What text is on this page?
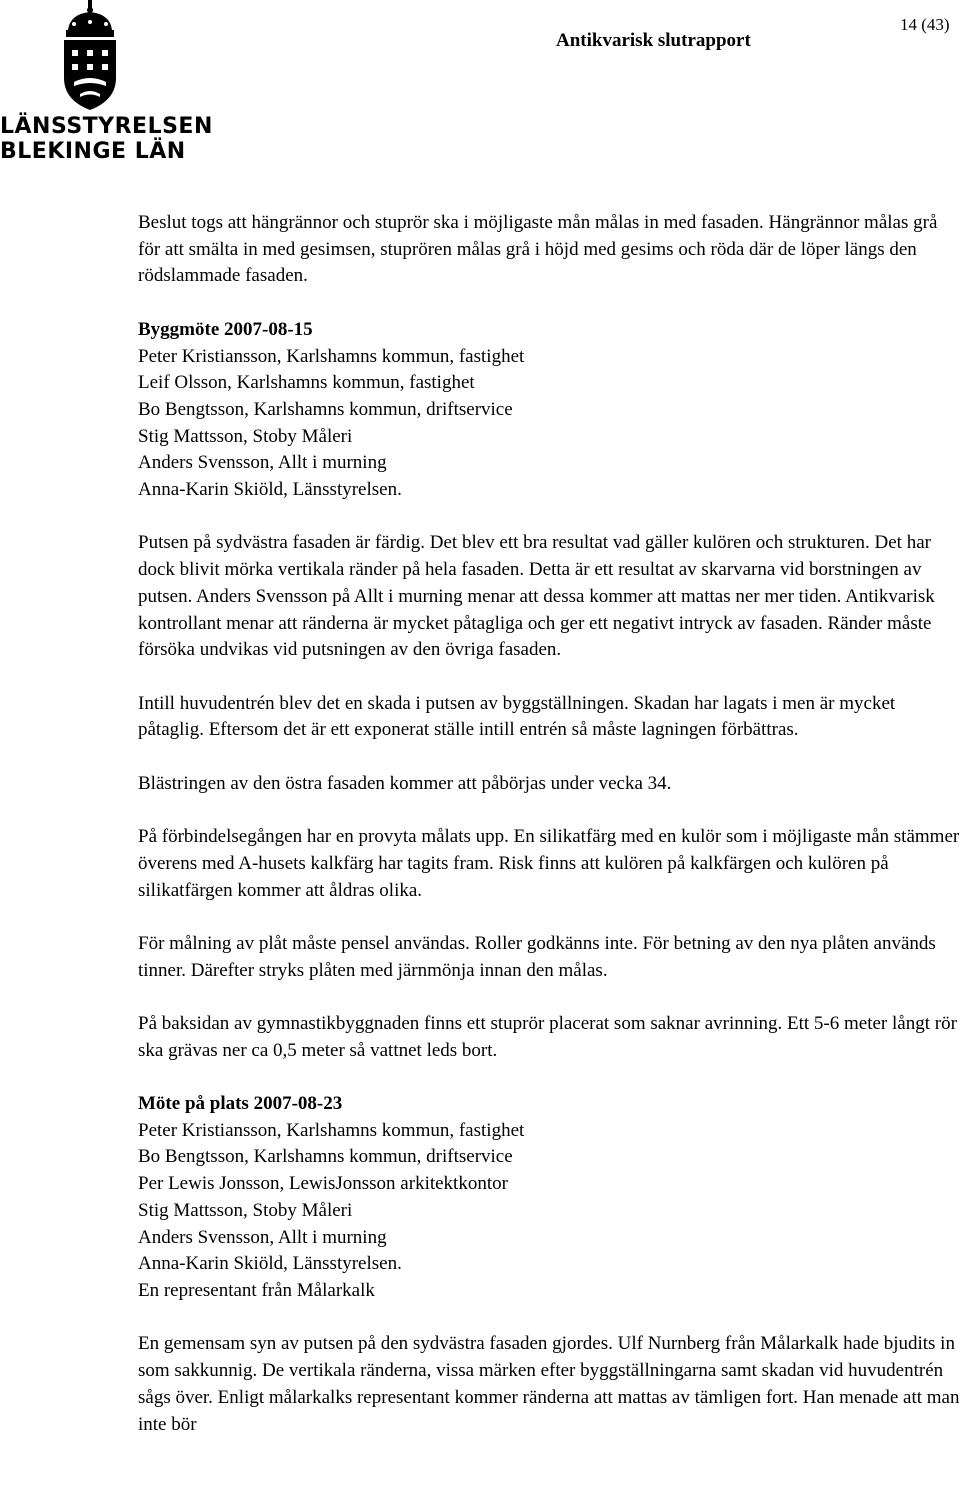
LÄNSSTYRELSEN
BLEKINGE LÄN
Antikvarisk slutrapport
14 (43)

Beslut togs att hängrännor och stuprör ska i möjligaste mån målas in med fasaden. Hängrännor målas grå för att smälta in med gesimsen, stuprören målas grå i höjd med gesims och röda där de löper längs den rödslammade fasaden.

Byggmöte 2007-08-15
Peter Kristiansson, Karlshamns kommun, fastighet
Leif Olsson, Karlshamns kommun, fastighet
Bo Bengtsson, Karlshamns kommun, driftservice
Stig Mattsson, Stoby Måleri
Anders Svensson, Allt i murning
Anna-Karin Skiöld, Länsstyrelsen.

Putsen på sydvästra fasaden är färdig. Det blev ett bra resultat vad gäller kulören och strukturen. Det har dock blivit mörka vertikala ränder på hela fasaden. Detta är ett resultat av skarvarna vid borstningen av putsen. Anders Svensson på Allt i murning menar att dessa kommer att mattas ner mer tiden. Antikvarisk kontrollant menar att ränderna är mycket påtagliga och ger ett negativt intryck av fasaden. Ränder måste försöka undvikas vid putsningen av den övriga fasaden.

Intill huvudentrén blev det en skada i putsen av byggställningen. Skadan har lagats i men är mycket påtaglig. Eftersom det är ett exponerat ställe intill entrén så måste lagningen förbättras.

Blästringen av den östra fasaden kommer att påbörjas under vecka 34.

På förbindelsegången har en provyta målats upp. En silikatfärg med en kulör som i möjligaste mån stämmer överens med A-husets kalkfärg har tagits fram. Risk finns att kulören på kalkfärgen och kulören på silikatfärgen kommer att åldras olika.

För målning av plåt måste pensel användas. Roller godkänns inte. För betning av den nya plåten används tinner. Därefter stryks plåten med järnmönja innan den målas.

På baksidan av gymnastikbyggnaden finns ett stuprör placerat som saknar avrinning. Ett 5-6 meter långt rör ska grävas ner ca 0,5 meter så vattnet leds bort.

Möte på plats 2007-08-23
Peter Kristiansson, Karlshamns kommun, fastighet
Bo Bengtsson, Karlshamns kommun, driftservice
Per Lewis Jonsson, LewisJonsson arkitektkontor
Stig Mattsson, Stoby Måleri
Anders Svensson, Allt i murning
Anna-Karin Skiöld, Länsstyrelsen.
En representant från Målarkalk

En gemensam syn av putsen på den sydvästra fasaden gjordes. Ulf Nurnberg från Målarkalk hade bjudits in som sakkunnig. De vertikala ränderna, vissa märken efter byggställningarna samt skadan vid huvudentrén sågs över. Enligt målarkalks representant kommer ränderna att mattas av tämligen fort. Han menade att man inte bör
